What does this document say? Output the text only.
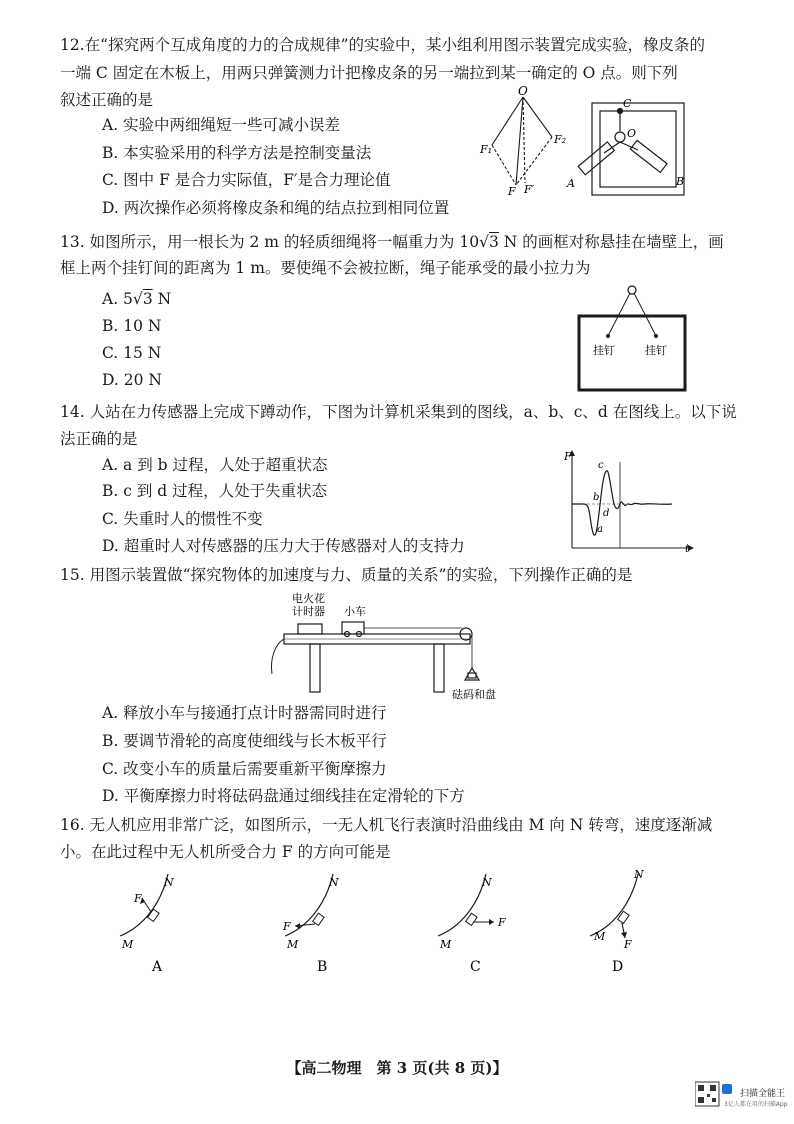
12.在“探究两个互成角度的力的合成规律”的实验中，某小组利用图示装置完成实验，橡皮条的
一端 C 固定在木板上，用两只弹簧测力计把橡皮条的另一端拉到某一确定的 O 点。则下列
叙述正确的是
A. 实验中两细绳短一些可减小误差
B. 本实验采用的科学方法是控制变量法
C. 图中 F 是合力实际值，F′是合力理论值
D. 两次操作必须将橡皮条和绳的结点拉到相同位置
O
F₁
F₂
F F′
C
O
A	B
13. 如图所示，用一根长为 2 m 的轻质细绳将一幅重力为 10√3 N 的画框对称悬挂在墙壁上，画
框上两个挂钉间的距离为 1 m。要使绳不会被拉断，绳子能承受的最小拉力为
A. 5√3 N
B. 10 N
C. 15 N
D. 20 N
挂钉	挂钉
14. 人站在力传感器上完成下蹲动作，下图为计算机采集到的图线，a、b、c、d 在图线上。以下说
法正确的是
A. a 到 b 过程，人处于超重状态
B. c 到 d 过程，人处于失重状态
C. 失重时人的惯性不变
D. 超重时人对传感器的压力大于传感器对人的支持力
F
t
a
b
c
d
15. 用图示装置做“探究物体的加速度与力、质量的关系”的实验，下列操作正确的是
电火花
计时器 小车
砝码和盘
A. 释放小车与接通打点计时器需同时进行
B. 要调节滑轮的高度使细线与长木板平行
C. 改变小车的质量后需要重新平衡摩擦力
D. 平衡摩擦力时将砝码盘通过细线挂在定滑轮的下方
16. 无人机应用非常广泛，如图所示，一无人机飞行表演时沿曲线由 M 向 N 转弯，速度逐渐减
小。在此过程中无人机所受合力 F 的方向可能是
F
N
M
A
F
N
M
B
F
N
M
C
F
N
M
D
【高二物理　第 3 页(共 8 页)】
扫描全能王
3亿人都在用的扫描App
